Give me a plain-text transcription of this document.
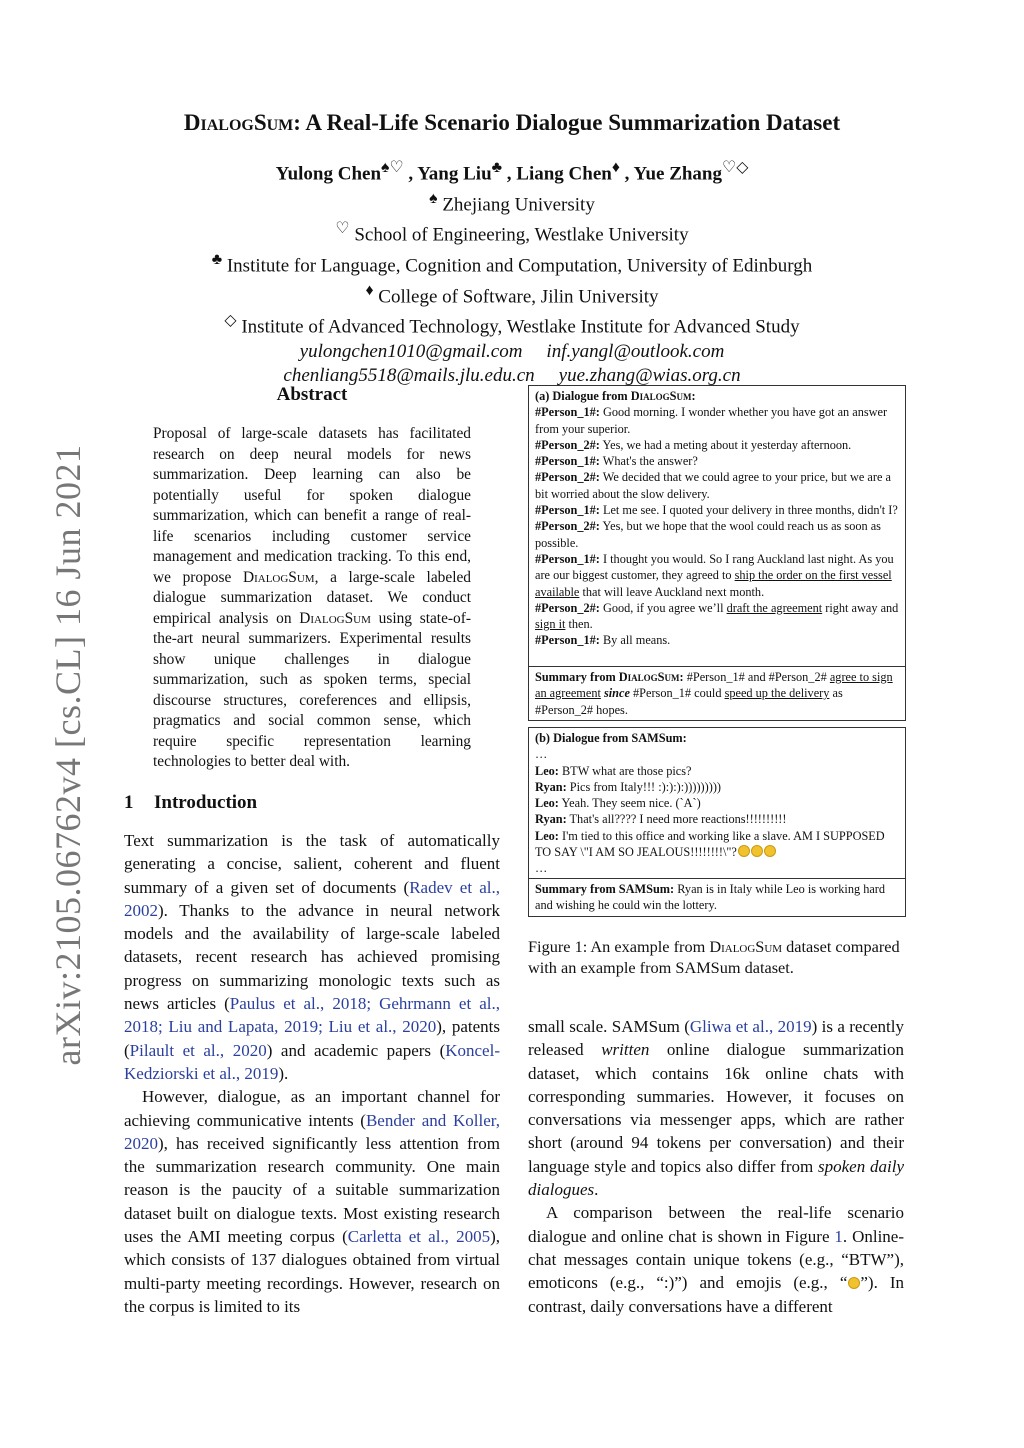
arXiv:2105.06762v4 [cs.CL] 16 Jun 2021
DialogSum: A Real-Life Scenario Dialogue Summarization Dataset
Yulong Chen♠♡ , Yang Liu♣ , Liang Chen♦ , Yue Zhang♡◇
♠ Zhejiang University
♡ School of Engineering, Westlake University
♣ Institute for Language, Cognition and Computation, University of Edinburgh
♦ College of Software, Jilin University
◇ Institute of Advanced Technology, Westlake Institute for Advanced Study
yulongchen1010@gmail.com inf.yangl@outlook.com
chenliang5518@mails.jlu.edu.cn yue.zhang@wias.org.cn
Abstract
Proposal of large-scale datasets has facilitated research on deep neural models for news summarization. Deep learning can also be potentially useful for spoken dialogue summarization, which can benefit a range of real-life scenarios including customer service management and medication tracking. To this end, we propose DialogSum, a large-scale labeled dialogue summarization dataset. We conduct empirical analysis on DialogSum using state-of-the-art neural summarizers. Experimental results show unique challenges in dialogue summarization, such as spoken terms, special discourse structures, coreferences and ellipsis, pragmatics and social common sense, which require specific representation learning technologies to better deal with.
1 Introduction

Text summarization is the task of automatically generating a concise, salient, coherent and fluent summary of a given set of documents (Radev et al., 2002). Thanks to the advance in neural network models and the availability of large-scale labeled datasets, recent research has achieved promising progress on summarizing monologic texts such as news articles (Paulus et al., 2018; Gehrmann et al., 2018; Liu and Lapata, 2019; Liu et al., 2020), patents (Pilault et al., 2020) and academic papers (Koncel-Kedziorski et al., 2019).

However, dialogue, as an important channel for achieving communicative intents (Bender and Koller, 2020), has received significantly less attention from the summarization research community. One main reason is the paucity of a suitable summarization dataset built on dialogue texts. Most existing research uses the AMI meeting corpus (Carletta et al., 2005), which consists of 137 dialogues obtained from virtual multi-party meeting recordings. However, research on the corpus is limited to its

(a) Dialogue from DialogSum:
#Person_1#: Good morning. I wonder whether you have got an answer from your superior.
#Person_2#: Yes, we had a meting about it yesterday afternoon.
#Person_1#: What's the answer?
#Person_2#: We decided that we could agree to your price, but we are a bit worried about the slow delivery.
#Person_1#: Let me see. I quoted your delivery in three months, didn't I?
#Person_2#: Yes, but we hope that the wool could reach us as soon as possible.
#Person_1#: I thought you would. So I rang Auckland last night. As you are our biggest customer, they agreed to ship the order on the first vessel available that will leave Auckland next month.
#Person_2#: Good, if you agree we’ll draft the agreement right away and sign it then.
#Person_1#: By all means.
Summary from DialogSum: #Person_1# and #Person_2# agree to sign an agreement since #Person_1# could speed up the delivery as #Person_2# hopes.
(b) Dialogue from SAMSum:
…
Leo: BTW what are those pics?
Ryan: Pics from Italy!!! :):):):)))))))))
Leo: Yeah. They seem nice. (`A`)
Ryan: That's all???? I need more reactions!!!!!!!!!!
Leo: I'm tied to this office and working like a slave. AM I SUPPOSED TO SAY \"I AM SO JEALOUS!!!!!!!!\"?
…
Summary from SAMSum: Ryan is in Italy while Leo is working hard and wishing he could win the lottery.
Figure 1: An example from DialogSum dataset compared with an example from SAMSum dataset.

small scale. SAMSum (Gliwa et al., 2019) is a recently released written online dialogue summarization dataset, which contains 16k online chats with corresponding summaries. However, it focuses on conversations via messenger apps, which are rather short (around 94 tokens per conversation) and their language style and topics also differ from spoken daily dialogues.

A comparison between the real-life scenario dialogue and online chat is shown in Figure 1. Online-chat messages contain unique tokens (e.g., “BTW”), emoticons (e.g., “:)”) and emojis (e.g., “ ”). In contrast, daily conversations have a different
